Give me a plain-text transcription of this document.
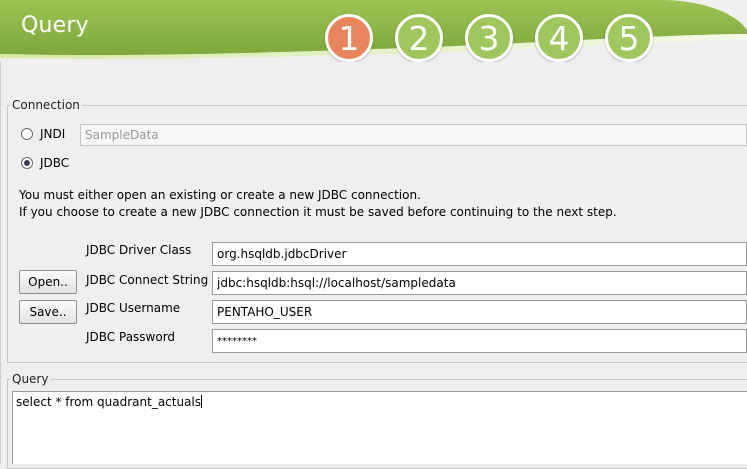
Query	1	2	3	4	5
Connection
JNDI
SampleData
JDBC
You must either open an existing or create a new JDBC connection.
If you choose to create a new JDBC connection it must be saved before continuing to the next step.
JDBC Driver Class
org.hsqldb.jdbcDriver
Open..	JDBC Connect String
jdbc:hsqldb:hsql://localhost/sampledata
Save..	JDBC Username
PENTAHO_USER
JDBC Password
********
Query
select * from quadrant_actuals
